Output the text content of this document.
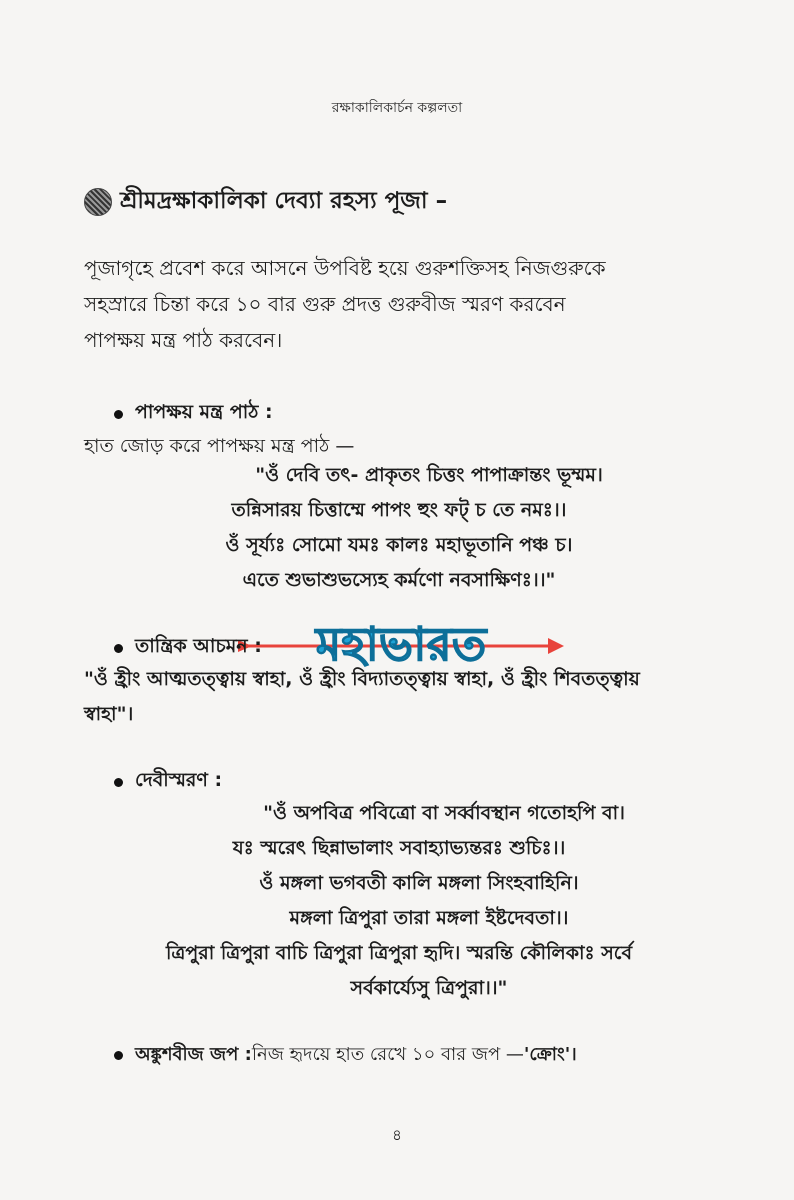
রক্ষাকালিকার্চন কল্পলতা
শ্রীমদ্রক্ষাকালিকা দেব্যা রহস্য পূজা –
পূজাগৃহে প্রবেশ করে আসনে উপবিষ্ট হয়ে গুরুশক্তিসহ নিজগুরুকে
সহস্রারে চিন্তা করে ১০ বার গুরু প্রদত্ত গুরুবীজ স্মরণ করবেন
পাপক্ষয় মন্ত্র পাঠ করবেন।
পাপক্ষয় মন্ত্র পাঠ :
হাত জোড় করে পাপক্ষয় মন্ত্র পাঠ —
"ওঁ দেবি তৎ- প্রাকৃতং চিত্তং পাপাক্রান্তং ভূম্মম।
তন্নিসারয় চিত্তাম্মে পাপং হুং ফট্ চ তে নমঃ।।
ওঁ সূর্য্যঃ সোমো যমঃ কালঃ মহাভূতানি পঞ্চ চ।
এতে শুভাশুভস্যেহ কর্মণো নবসাক্ষিণঃ।।"
মহাভারত
তান্ত্রিক আচমন :
"ওঁ হ্রীং আত্মতত্ত্বায় স্বাহা, ওঁ হ্রীং বিদ্যাতত্ত্বায় স্বাহা, ওঁ হ্রীং শিবতত্ত্বায়
স্বাহা"।
দেবীস্মরণ :
"ওঁ অপবিত্র পবিত্রো বা সর্ব্বাবস্থান গতোহপি বা।
যঃ স্মরেৎ ছিন্নাভালাং সবাহ্যাভ্যন্তরঃ শুচিঃ।।
ওঁ মঙ্গলা ভগবতী কালি মঙ্গলা সিংহবাহিনি।
মঙ্গলা ত্রিপুরা তারা মঙ্গলা ইষ্টদেবতা।।
ত্রিপুরা ত্রিপুরা বাচি ত্রিপুরা ত্রিপুরা হৃদি। স্মরন্তি কৌলিকাঃ সর্বে
সর্বকার্য্যেসু ত্রিপুরা।।"
অঙ্কুশবীজ জপ : নিজ হৃদয়ে হাত রেখে ১০ বার জপ — 'ক্রোং'।
৪
